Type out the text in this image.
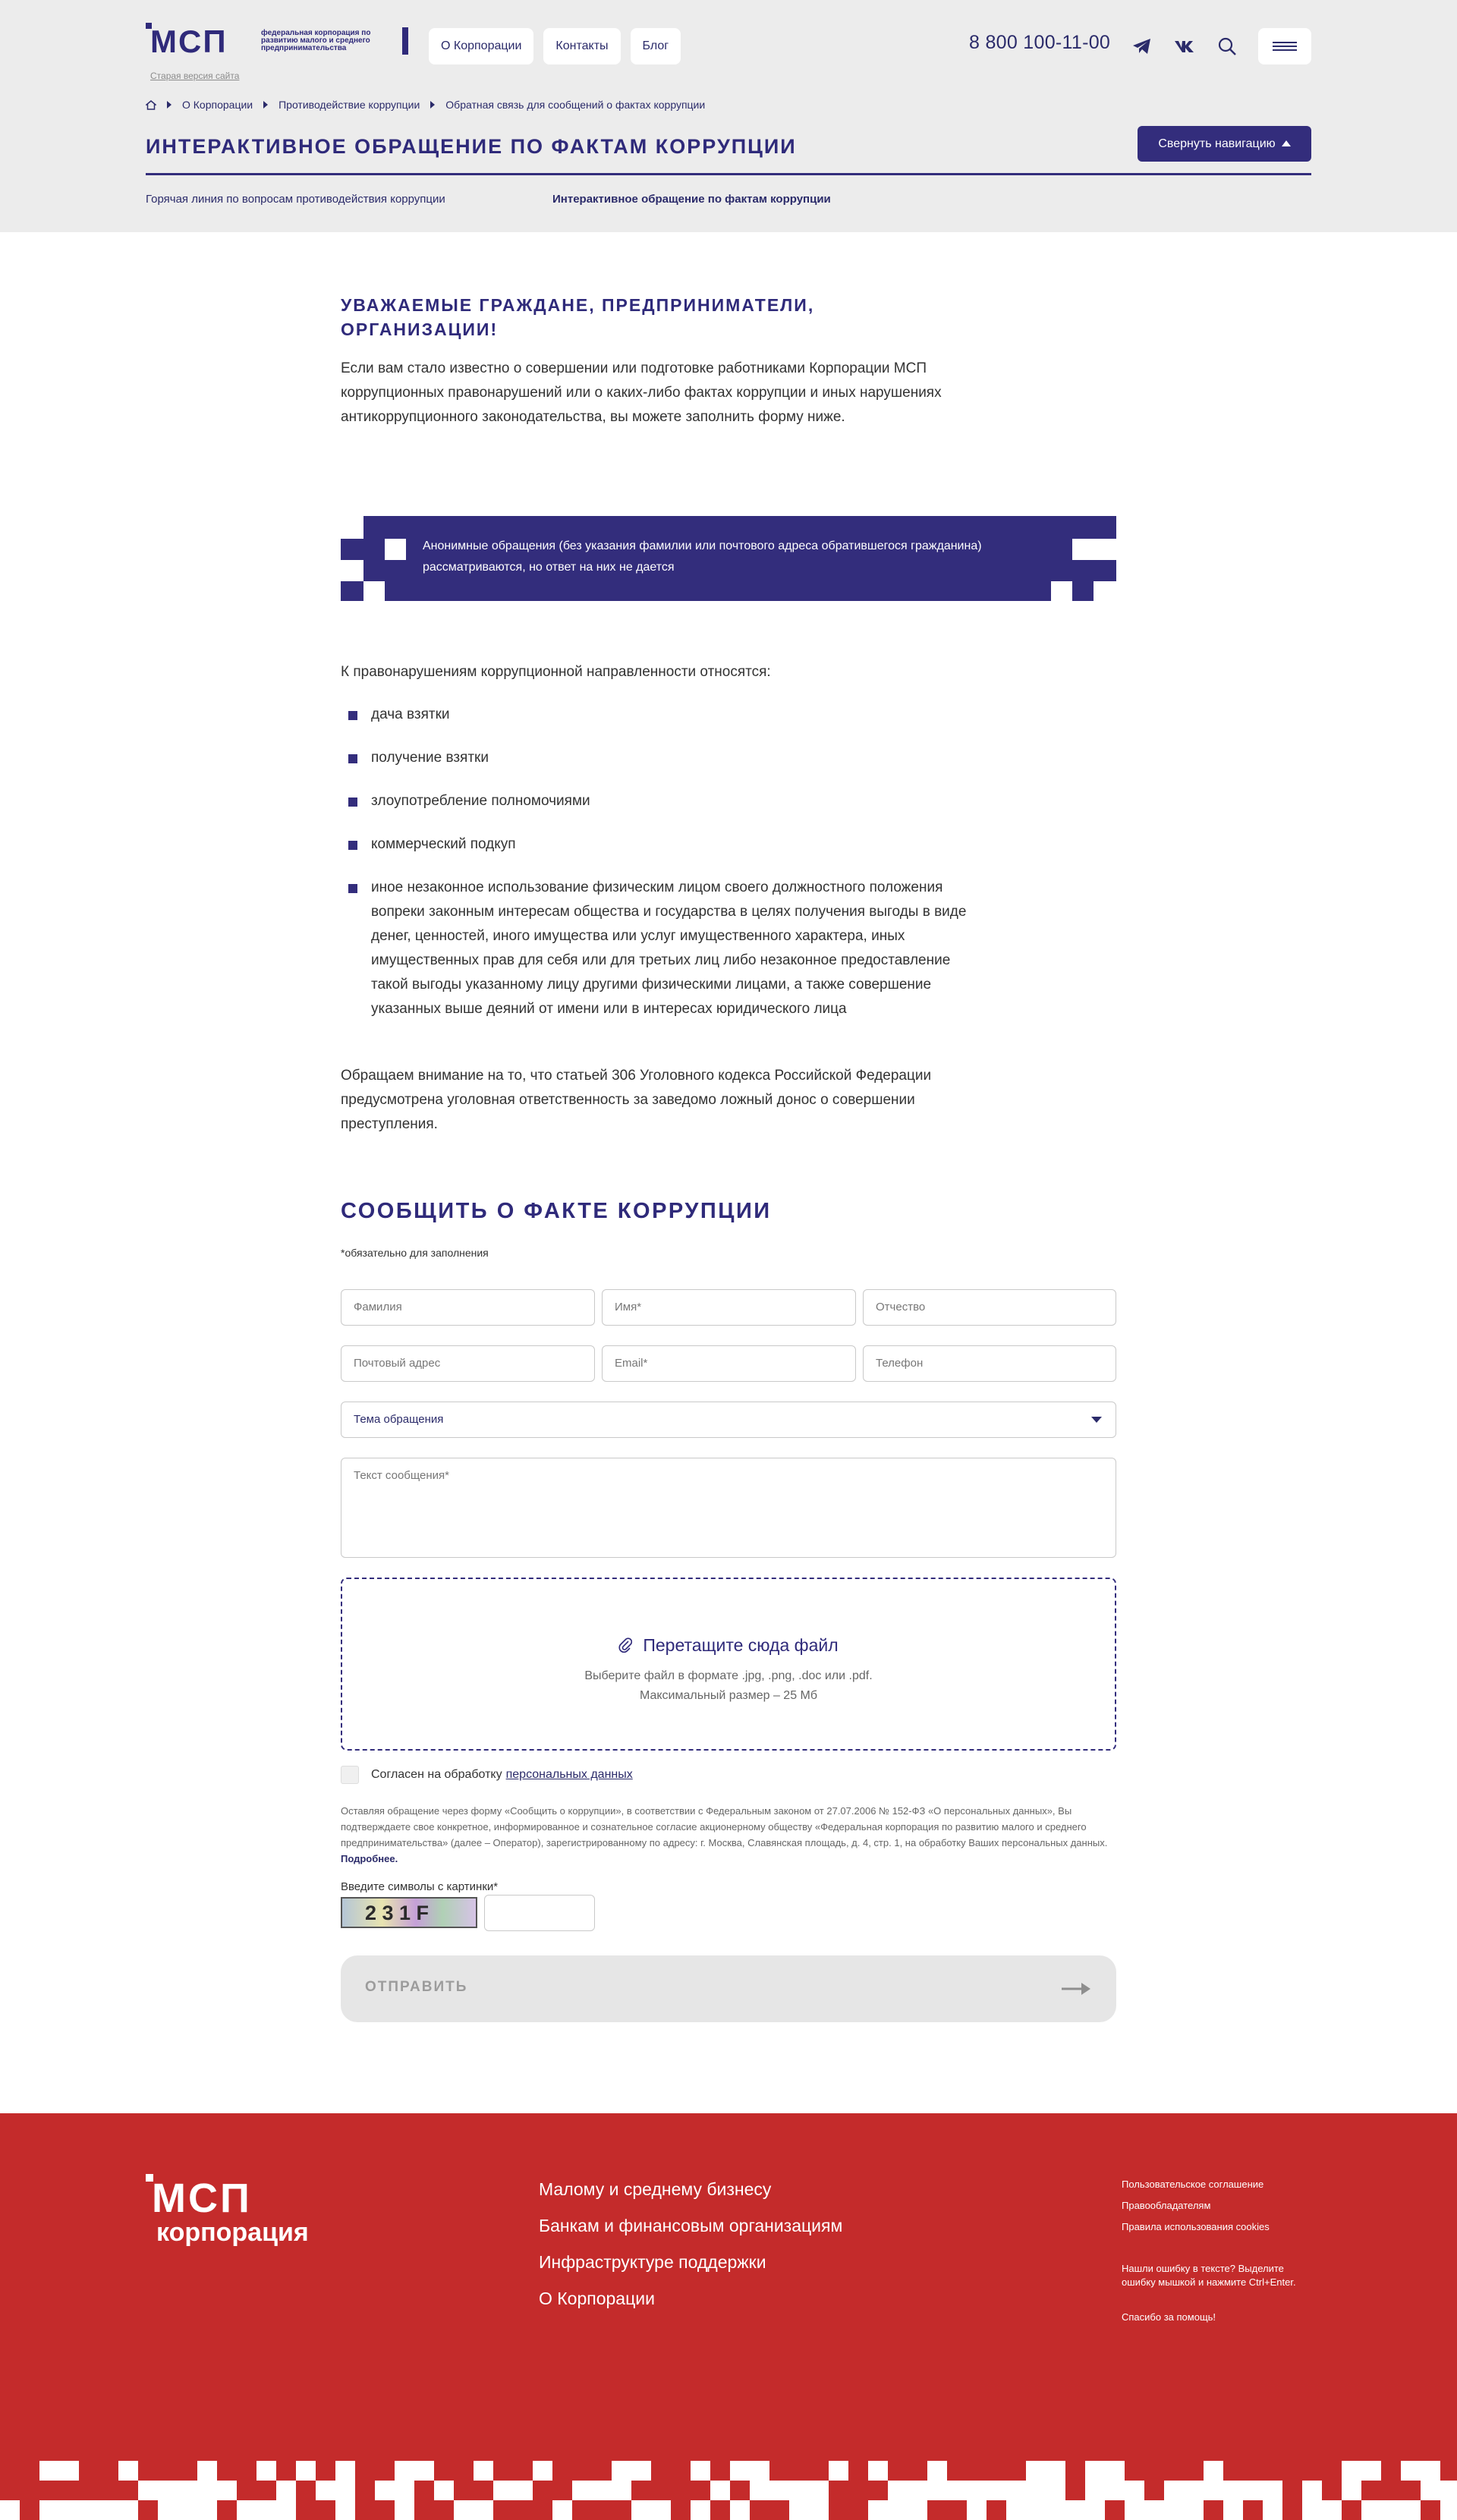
МСП	федеральная корпорация по развитию малого и среднего предпринимательства
Старая версия сайта
О Корпорации	Контакты	Блог	8 800 100-11-00
О Корпорации Противодействие коррупции Обратная связь для сообщений о фактах коррупции
ИНТЕРАКТИВНОЕ ОБРАЩЕНИЕ ПО ФАКТАМ КОРРУПЦИИ	Свернуть навигацию
Горячая линия по вопросам противодействия коррупции	Интерактивное обращение по фактам коррупции
УВАЖАЕМЫЕ ГРАЖДАНЕ, ПРЕДПРИНИМАТЕЛИ, ОРГАНИЗАЦИИ!
Если вам стало известно о совершении или подготовке работниками Корпорации МСП коррупционных правонарушений или о каких-либо фактах коррупции и иных нарушениях антикоррупционного законодательства, вы можете заполнить форму ниже.
Анонимные обращения (без указания фамилии или почтового адреса обратившегося гражданина) рассматриваются, но ответ на них не дается
К правонарушениям коррупционной направленности относятся:
дача взятки
получение взятки
злоупотребление полномочиями
коммерческий подкуп
иное незаконное использование физическим лицом своего должностного положения вопреки законным интересам общества и государства в целях получения выгоды в виде денег, ценностей, иного имущества или услуг имущественного характера, иных имущественных прав для себя или для третьих лиц либо незаконное предоставление такой выгоды указанному лицу другими физическими лицами, а также совершение указанных выше деяний от имени или в интересах юридического лица
Обращаем внимание на то, что статьей 306 Уголовного кодекса Российской Федерации предусмотрена уголовная ответственность за заведомо ложный донос о совершении преступления.
СООБЩИТЬ О ФАКТЕ КОРРУПЦИИ
*обязательно для заполнения
Фамилия	Имя*	Отчество
Почтовый адрес	Email*	Телефон
Тема обращения
Текст сообщения*
Перетащите сюда файл
Выберите файл в формате .jpg, .png, .doc или .pdf.
Максимальный размер – 25 Мб
Согласен на обработку персональных данных
Оставляя обращение через форму «Сообщить о коррупции», в соответствии с Федеральным законом от 27.07.2006 № 152-ФЗ «О персональных данных», Вы подтверждаете свое конкретное, информированное и сознательное согласие акционерному обществу «Федеральная корпорация по развитию малого и среднего предпринимательства» (далее – Оператор), зарегистрированному по адресу: г. Москва, Славянская площадь, д. 4, стр. 1, на обработку Ваших персональных данных. Подробнее.
Введите символы с картинки*
2 3 1 F
ОТПРАВИТЬ
МСП
корпорация
Малому и среднему бизнесу
Банкам и финансовым организациям
Инфраструктуре поддержки
О Корпорации
Пользовательское соглашение
Правообладателям
Правила использования cookies
Нашли ошибку в тексте? Выделите ошибку мышкой и нажмите Ctrl+Enter.
Спасибо за помощь!
